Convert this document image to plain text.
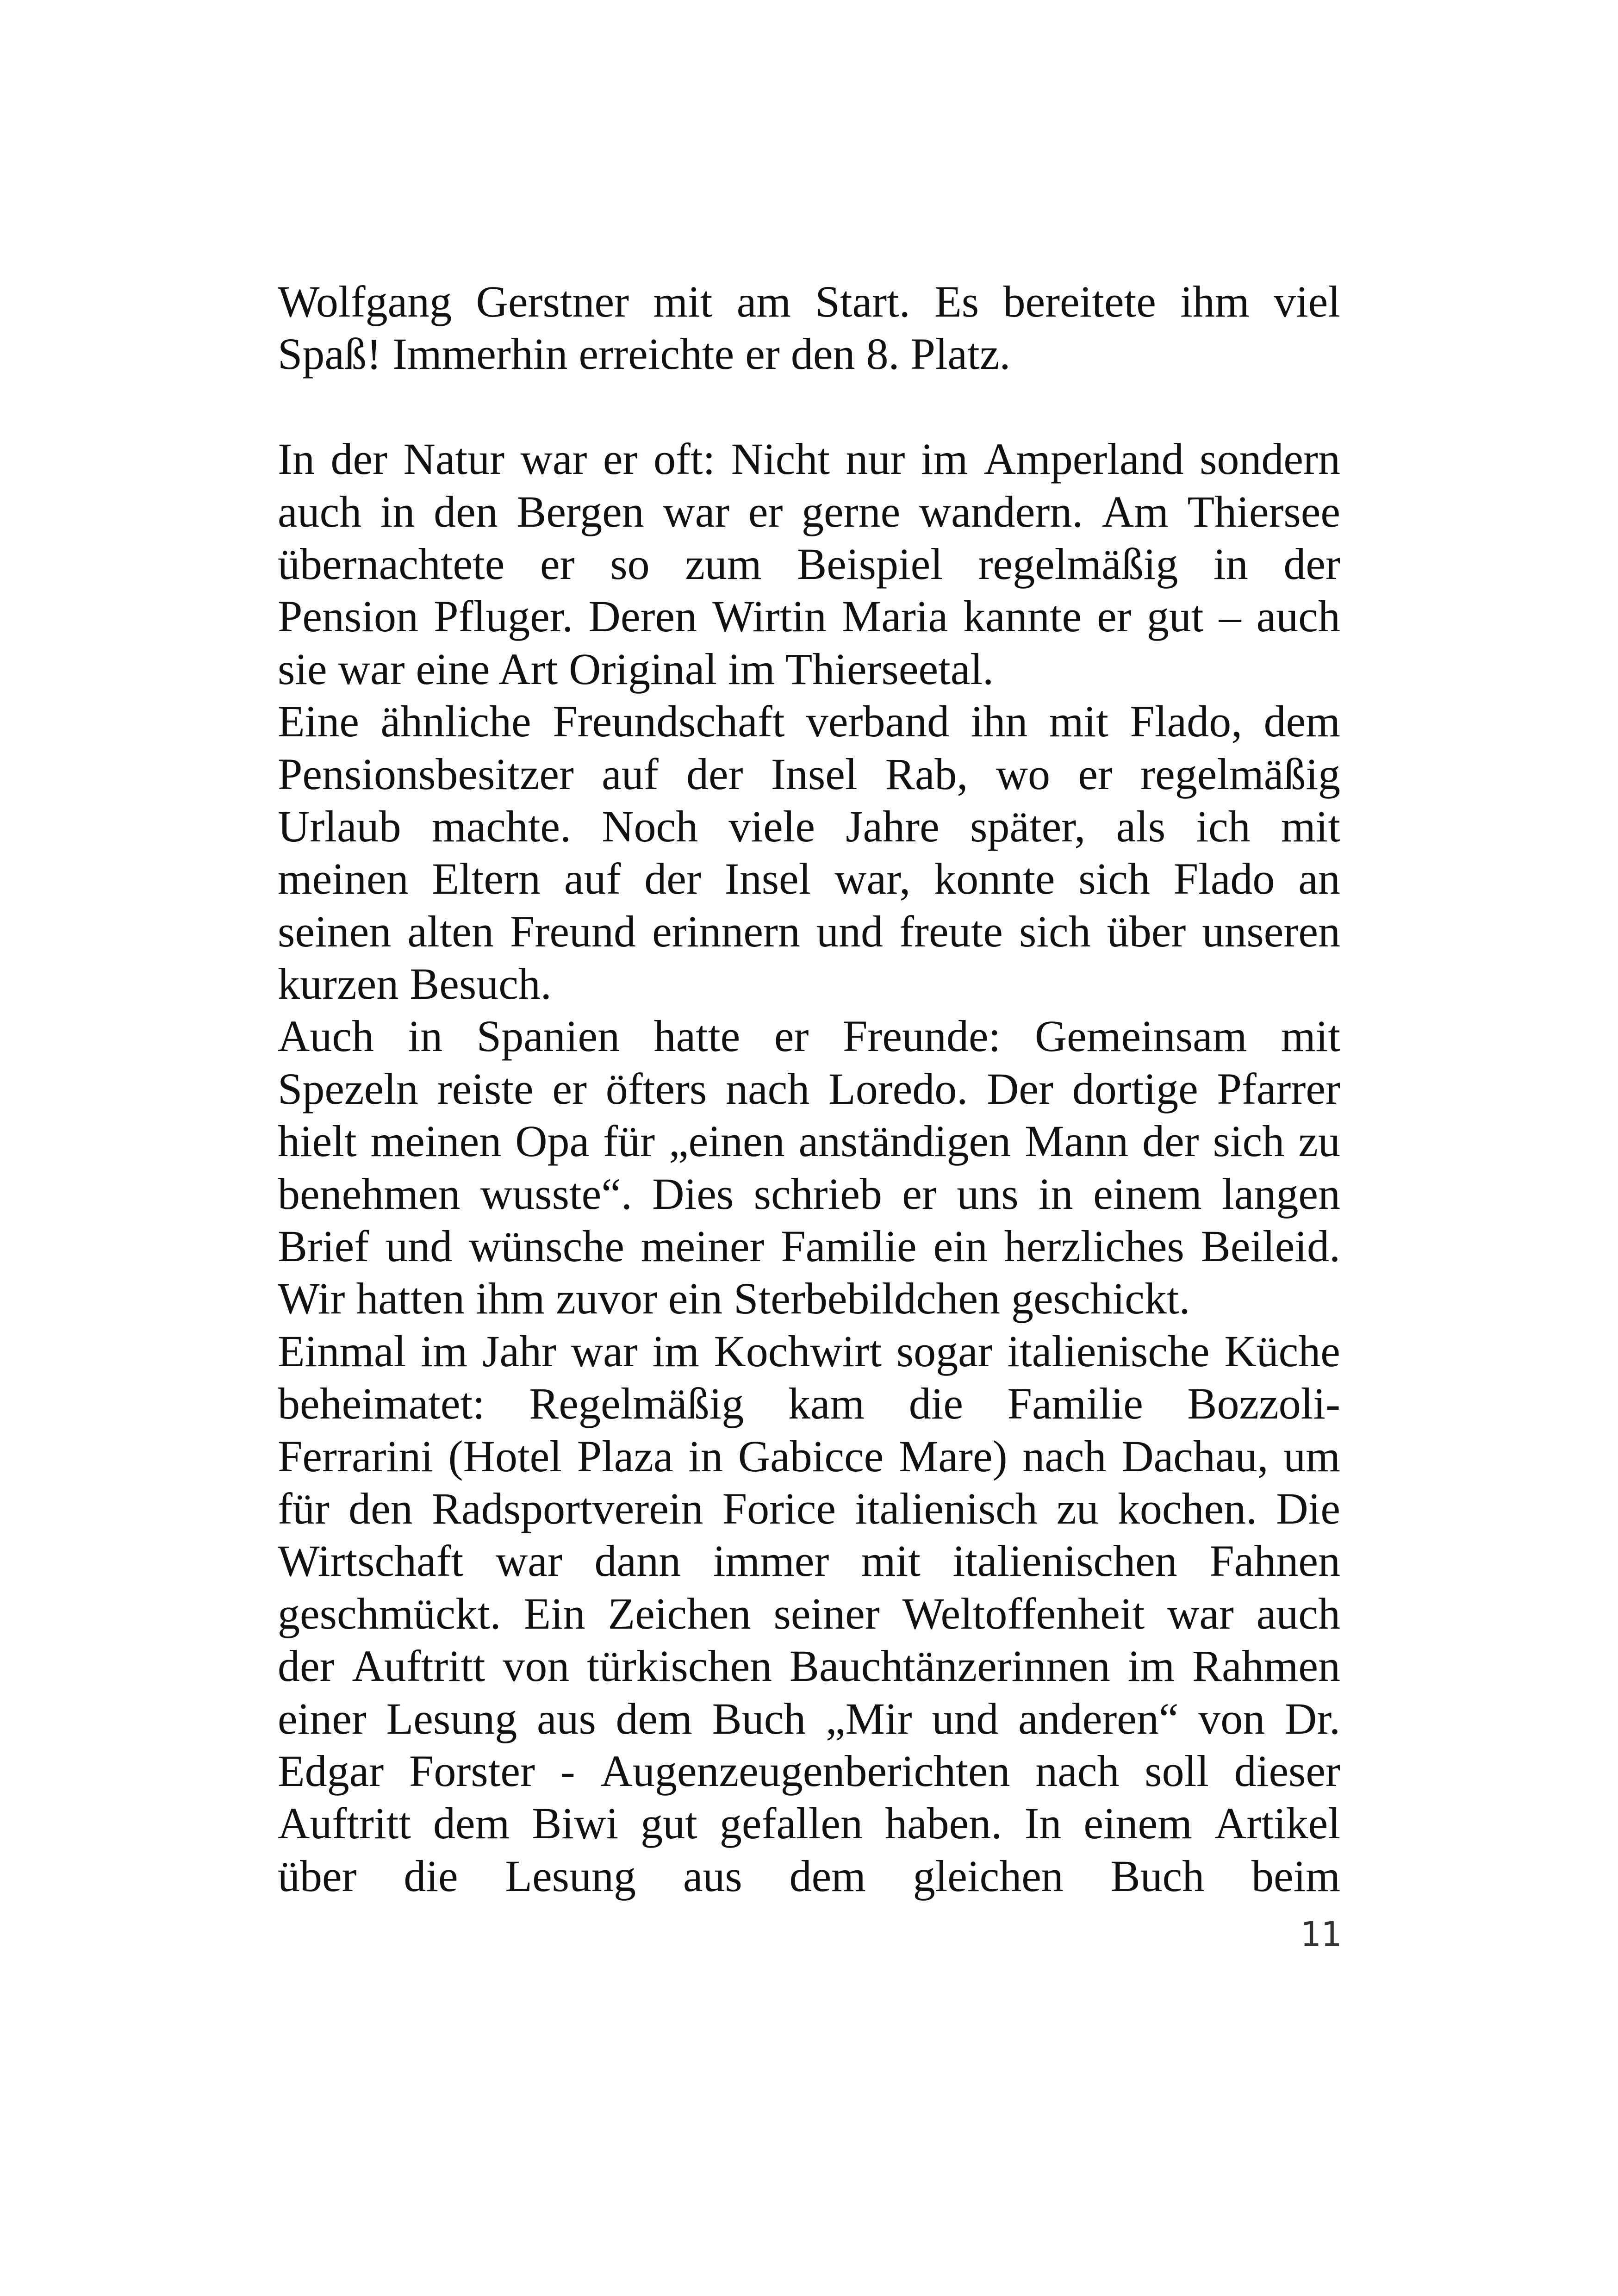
Wolfgang Gerstner mit am Start. Es bereitete ihm viel
Spaß! Immerhin erreichte er den 8. Platz.

In der Natur war er oft: Nicht nur im Amperland sondern
auch in den Bergen war er gerne wandern. Am Thiersee
übernachtete er so zum Beispiel regelmäßig in der
Pension Pfluger. Deren Wirtin Maria kannte er gut – auch
sie war eine Art Original im Thierseetal.
Eine ähnliche Freundschaft verband ihn mit Flado, dem
Pensionsbesitzer auf der Insel Rab, wo er regelmäßig
Urlaub machte. Noch viele Jahre später, als ich mit
meinen Eltern auf der Insel war, konnte sich Flado an
seinen alten Freund erinnern und freute sich über unseren
kurzen Besuch.
Auch in Spanien hatte er Freunde: Gemeinsam mit
Spezeln reiste er öfters nach Loredo. Der dortige Pfarrer
hielt meinen Opa für „einen anständigen Mann der sich zu
benehmen wusste“. Dies schrieb er uns in einem langen
Brief und wünsche meiner Familie ein herzliches Beileid.
Wir hatten ihm zuvor ein Sterbebildchen geschickt.
Einmal im Jahr war im Kochwirt sogar italienische Küche
beheimatet: Regelmäßig kam die Familie Bozzoli-
Ferrarini (Hotel Plaza in Gabicce Mare) nach Dachau, um
für den Radsportverein Forice italienisch zu kochen. Die
Wirtschaft war dann immer mit italienischen Fahnen
geschmückt. Ein Zeichen seiner Weltoffenheit war auch
der Auftritt von türkischen Bauchtänzerinnen im Rahmen
einer Lesung aus dem Buch „Mir und anderen“ von Dr.
Edgar Forster - Augenzeugenberichten nach soll dieser
Auftritt dem Biwi gut gefallen haben. In einem Artikel
über die Lesung aus dem gleichen Buch beim
11
